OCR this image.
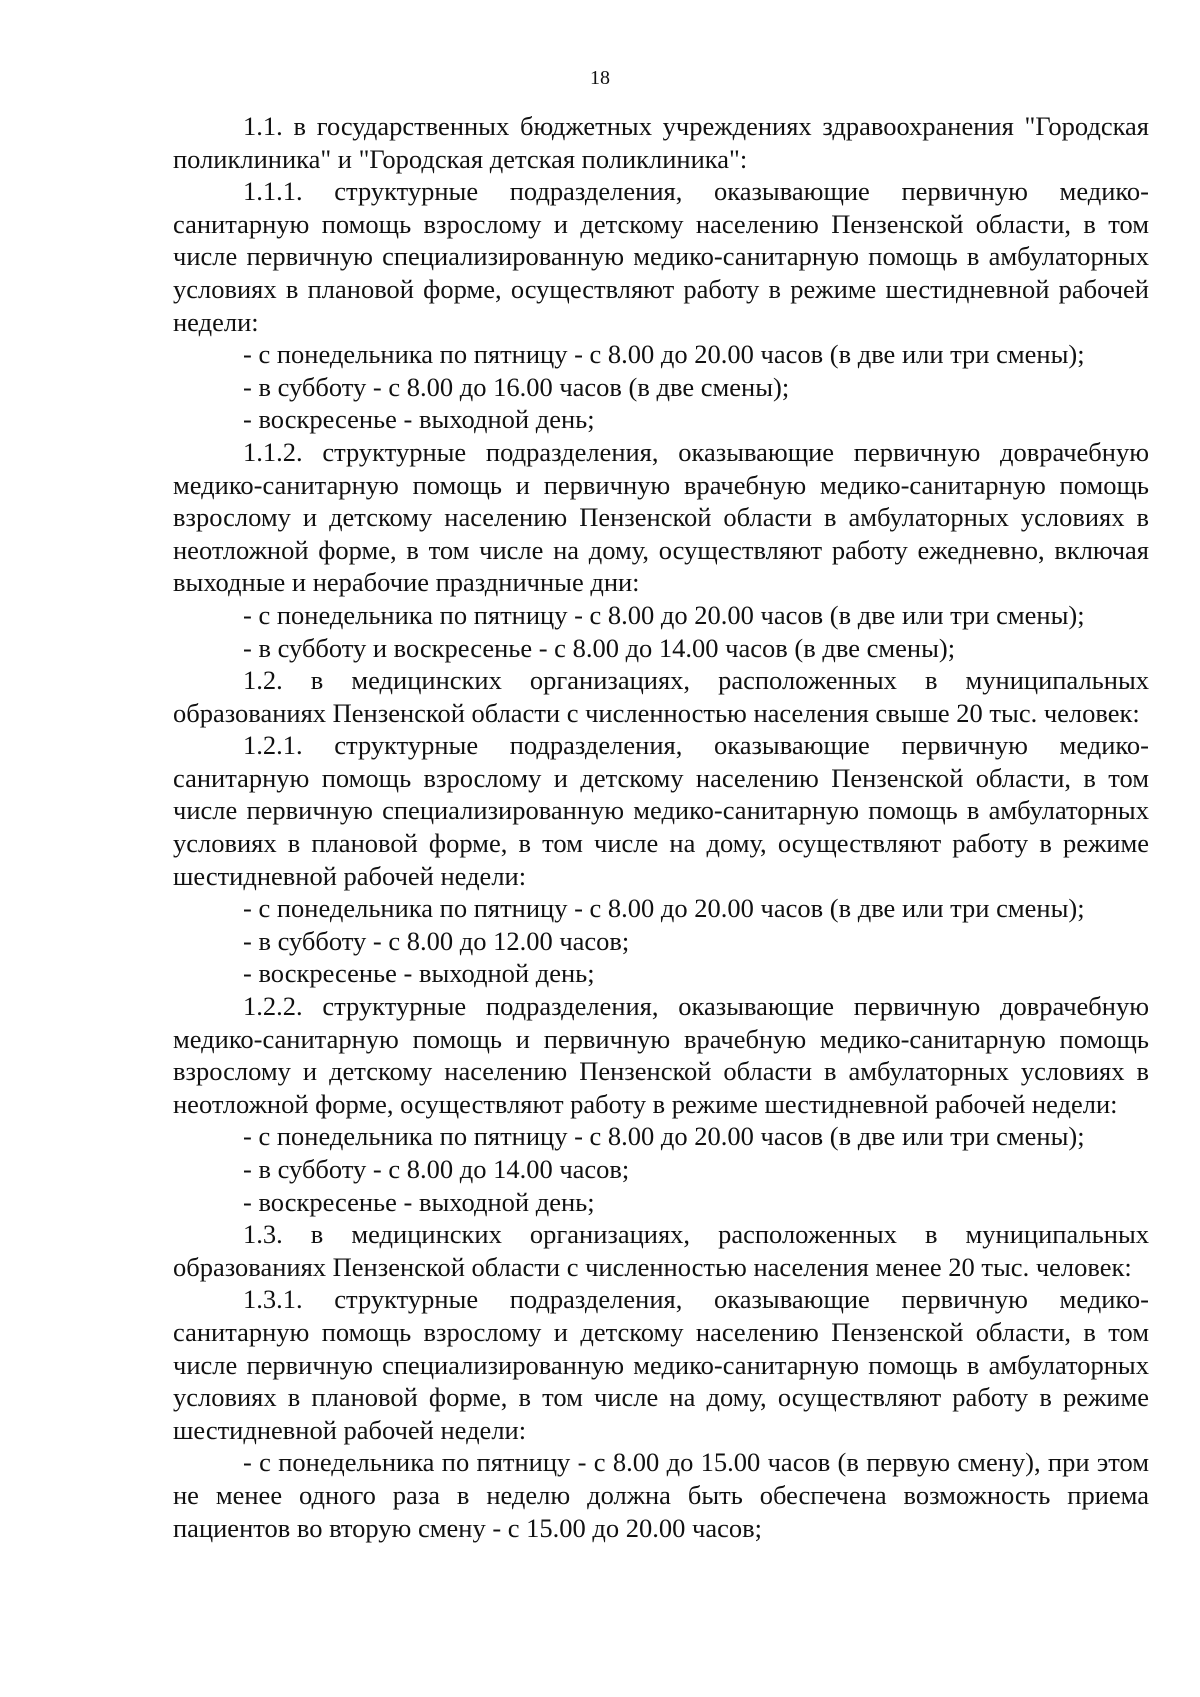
18

1.1. в государственных бюджетных учреждениях здравоохранения "Городская поликлиника" и "Городская детская поликлиника":

1.1.1. структурные подразделения, оказывающие первичную медико-санитарную помощь взрослому и детскому населению Пензенской области, в том числе первичную специализированную медико-санитарную помощь в амбулаторных условиях в плановой форме, осуществляют работу в режиме шестидневной рабочей недели:

- с понедельника по пятницу - с 8.00 до 20.00 часов (в две или три смены);

- в субботу - с 8.00 до 16.00 часов (в две смены);

- воскресенье - выходной день;

1.1.2. структурные подразделения, оказывающие первичную доврачебную медико-санитарную помощь и первичную врачебную медико-санитарную помощь взрослому и детскому населению Пензенской области в амбулаторных условиях в неотложной форме, в том числе на дому, осуществляют работу ежедневно, включая выходные и нерабочие праздничные дни:

- с понедельника по пятницу - с 8.00 до 20.00 часов (в две или три смены);

- в субботу и воскресенье - с 8.00 до 14.00 часов (в две смены);

1.2. в медицинских организациях, расположенных в муниципальных образованиях Пензенской области с численностью населения свыше 20 тыс. человек:

1.2.1. структурные подразделения, оказывающие первичную медико-санитарную помощь взрослому и детскому населению Пензенской области, в том числе первичную специализированную медико-санитарную помощь в амбулаторных условиях в плановой форме, в том числе на дому, осуществляют работу в режиме шестидневной рабочей недели:

- с понедельника по пятницу - с 8.00 до 20.00 часов (в две или три смены);

- в субботу - с 8.00 до 12.00 часов;

- воскресенье - выходной день;

1.2.2. структурные подразделения, оказывающие первичную доврачебную медико-санитарную помощь и первичную врачебную медико-санитарную помощь взрослому и детскому населению Пензенской области в амбулаторных условиях в неотложной форме, осуществляют работу в режиме шестидневной рабочей недели:

- с понедельника по пятницу - с 8.00 до 20.00 часов (в две или три смены);

- в субботу - с 8.00 до 14.00 часов;

- воскресенье - выходной день;

1.3. в медицинских организациях, расположенных в муниципальных образованиях Пензенской области с численностью населения менее 20 тыс. человек:

1.3.1. структурные подразделения, оказывающие первичную медико-санитарную помощь взрослому и детскому населению Пензенской области, в том числе первичную специализированную медико-санитарную помощь в амбулаторных условиях в плановой форме, в том числе на дому, осуществляют работу в режиме шестидневной рабочей недели:

- с понедельника по пятницу - с 8.00 до 15.00 часов (в первую смену), при этом не менее одного раза в неделю должна быть обеспечена возможность приема пациентов во вторую смену - с 15.00 до 20.00 часов;
